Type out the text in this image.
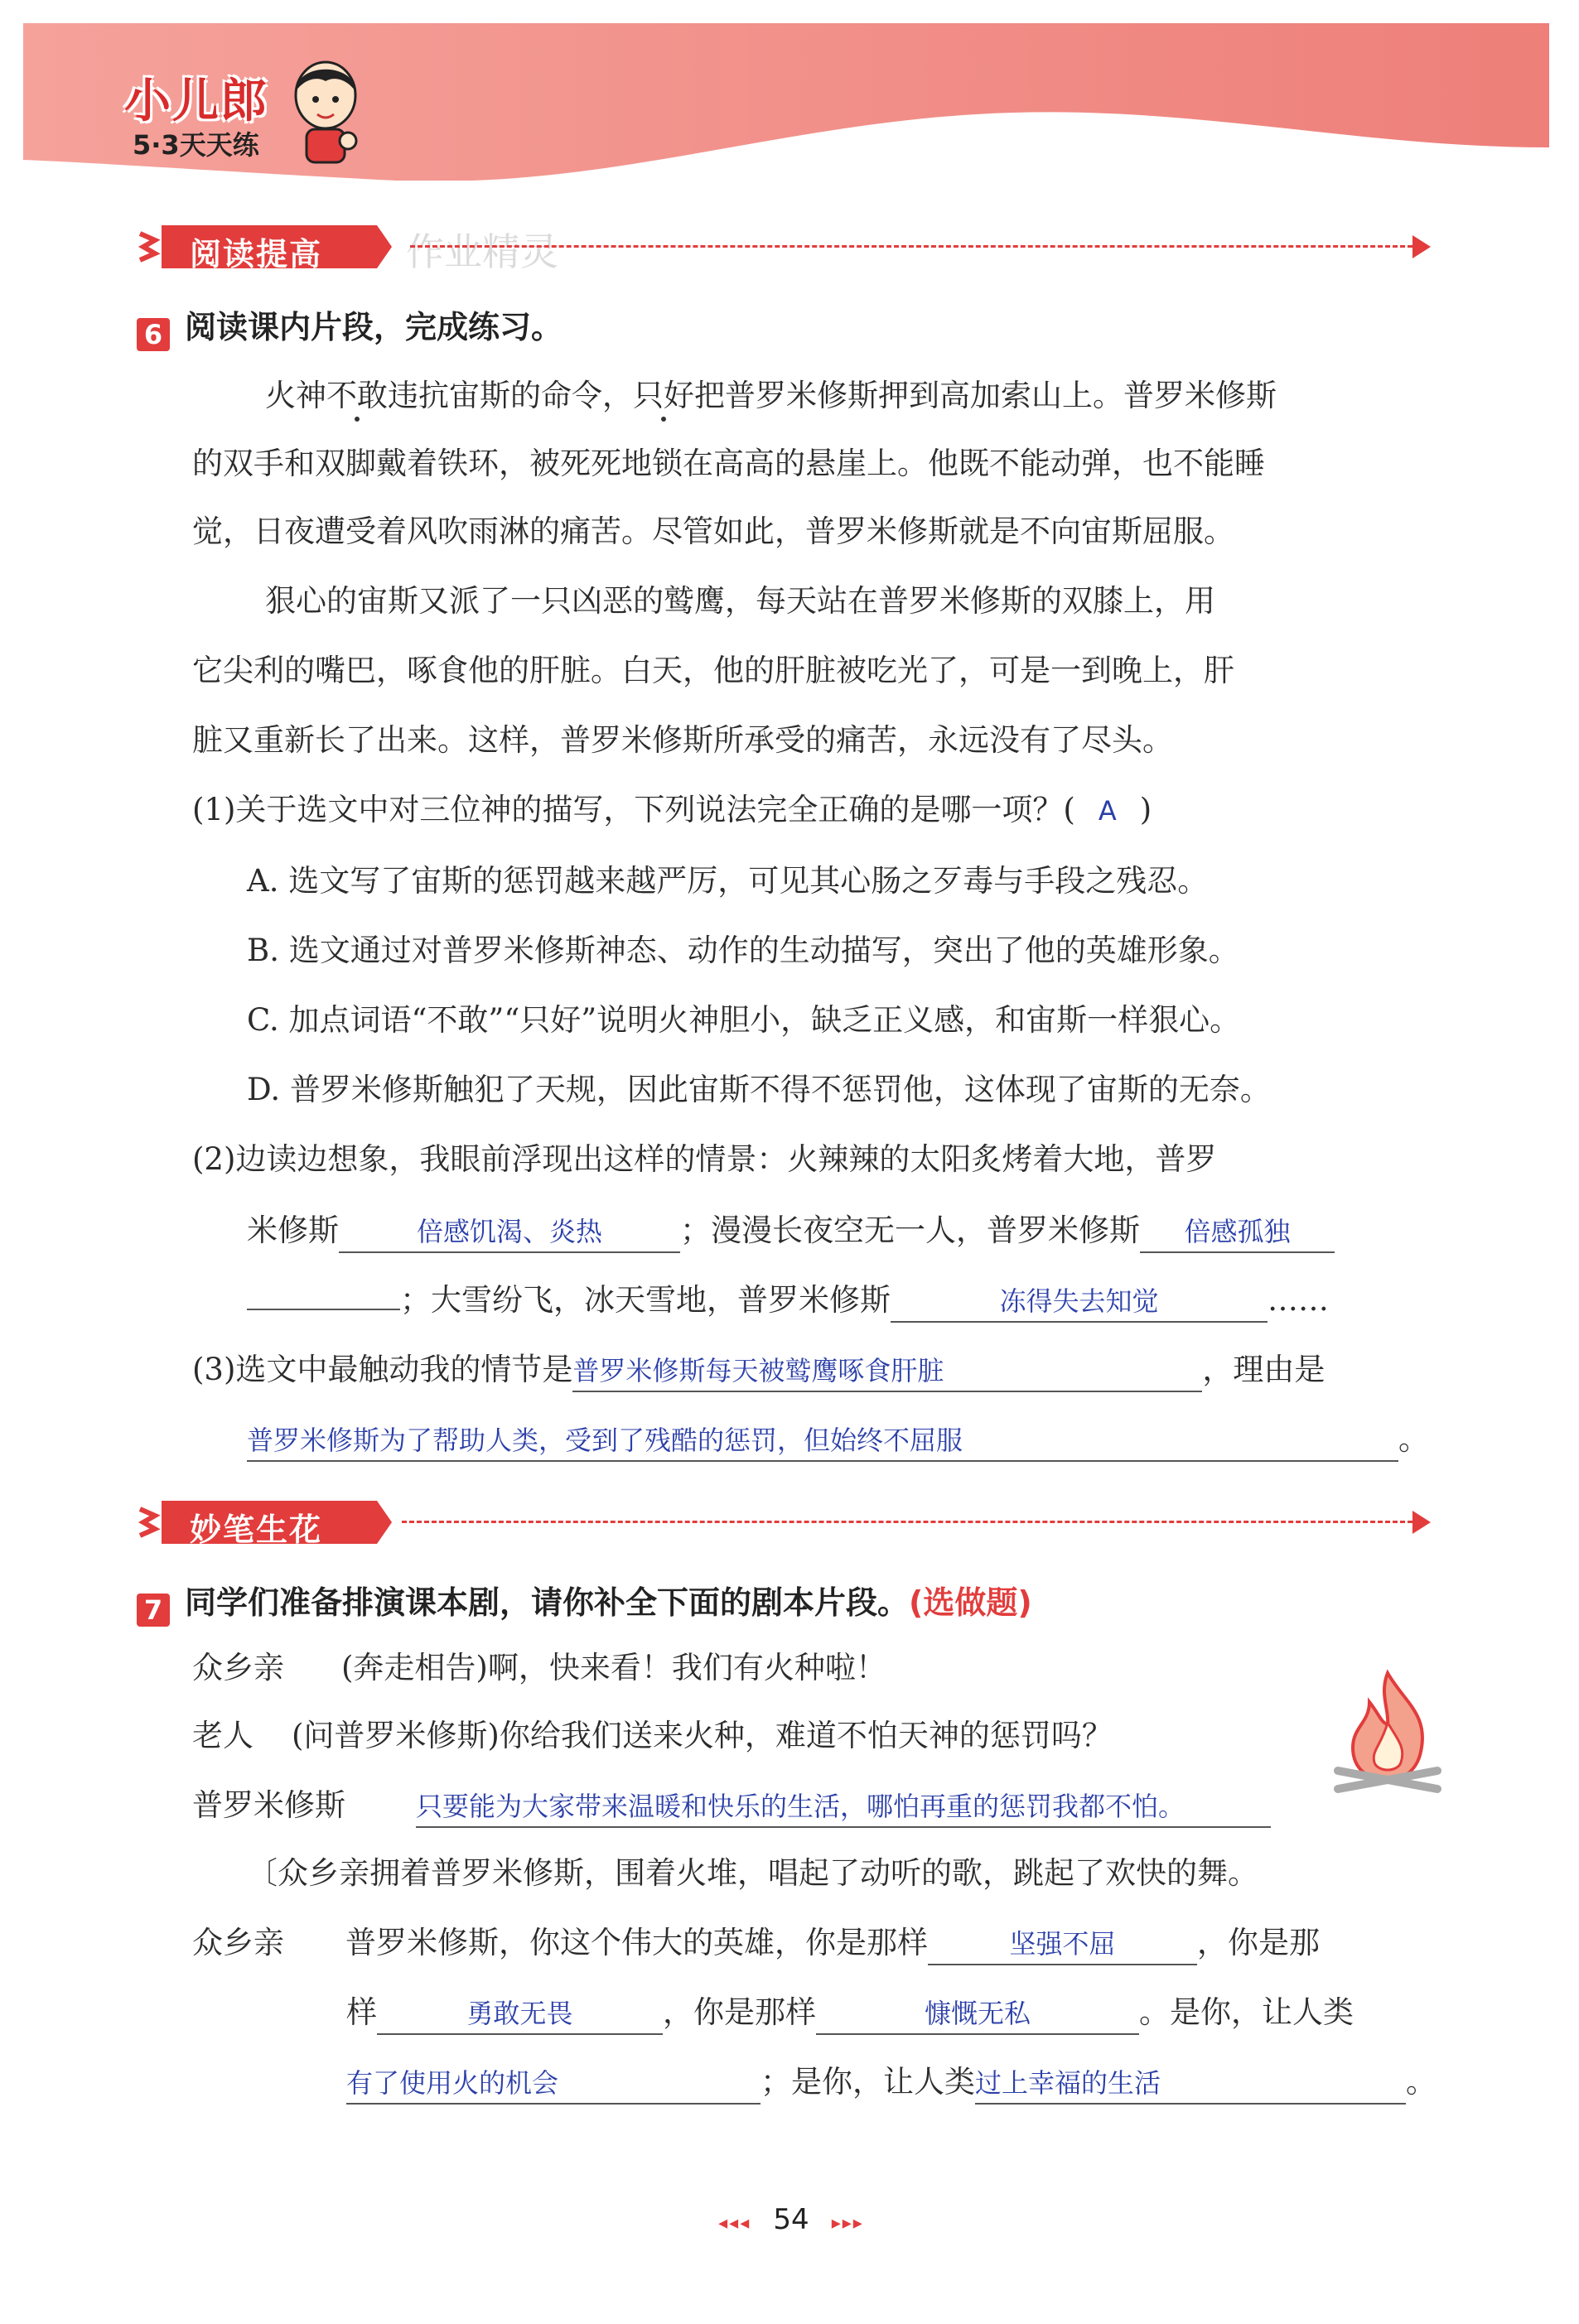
小儿郎
5·3天天练
阅读提高 作业精灵
6 阅读课内片段，完成练习。
火神不敢违抗宙斯的命令，只好把普罗米修斯押到高加索山上。普罗米修斯
的双手和双脚戴着铁环，被死死地锁在高高的悬崖上。他既不能动弹，也不能睡
觉，日夜遭受着风吹雨淋的痛苦。尽管如此，普罗米修斯就是不向宙斯屈服。
狠心的宙斯又派了一只凶恶的鹫鹰，每天站在普罗米修斯的双膝上，用
它尖利的嘴巴，啄食他的肝脏。白天，他的肝脏被吃光了，可是一到晚上，肝
脏又重新长了出来。这样，普罗米修斯所承受的痛苦，永远没有了尽头。
(1)关于选文中对三位神的描写，下列说法完全正确的是哪一项？( A )
A. 选文写了宙斯的惩罚越来越严厉，可见其心肠之歹毒与手段之残忍。
B. 选文通过对普罗米修斯神态、动作的生动描写，突出了他的英雄形象。
C. 加点词语“不敢”“只好”说明火神胆小，缺乏正义感，和宙斯一样狠心。
D. 普罗米修斯触犯了天规，因此宙斯不得不惩罚他，这体现了宙斯的无奈。
(2)边读边想象，我眼前浮现出这样的情景：火辣辣的太阳炙烤着大地，普罗
米修斯	倍感饥渴、炎热	；漫漫长夜空无一人，普罗米修斯 倍感孤独
；大雪纷飞，冰天雪地，普罗米修斯	冻得失去知觉	……
(3)选文中最触动我的情节是普罗米修斯每天被鹫鹰啄食肝脏	，理由是
普罗米修斯为了帮助人类，受到了残酷的惩罚，但始终不屈服	。
妙笔生花
7 同学们准备排演课本剧，请你补全下面的剧本片段。(选做题)
众乡亲 (奔走相告)啊，快来看！我们有火种啦！
老人 (问普罗米修斯)你给我们送来火种，难道不怕天神的惩罚吗？
普罗米修斯	只要能为大家带来温暖和快乐的生活，哪怕再重的惩罚我都不怕。
〔众乡亲拥着普罗米修斯，围着火堆，唱起了动听的歌，跳起了欢快的舞。
众乡亲 普罗米修斯，你这个伟大的英雄，你是那样	坚强不屈	，你是那
样	勇敢无畏	，你是那样	慷慨无私	。是你，让人类
有了使用火的机会	；是你，让人类过上幸福的生活	。
◂◂◂ 54 ▸▸▸
